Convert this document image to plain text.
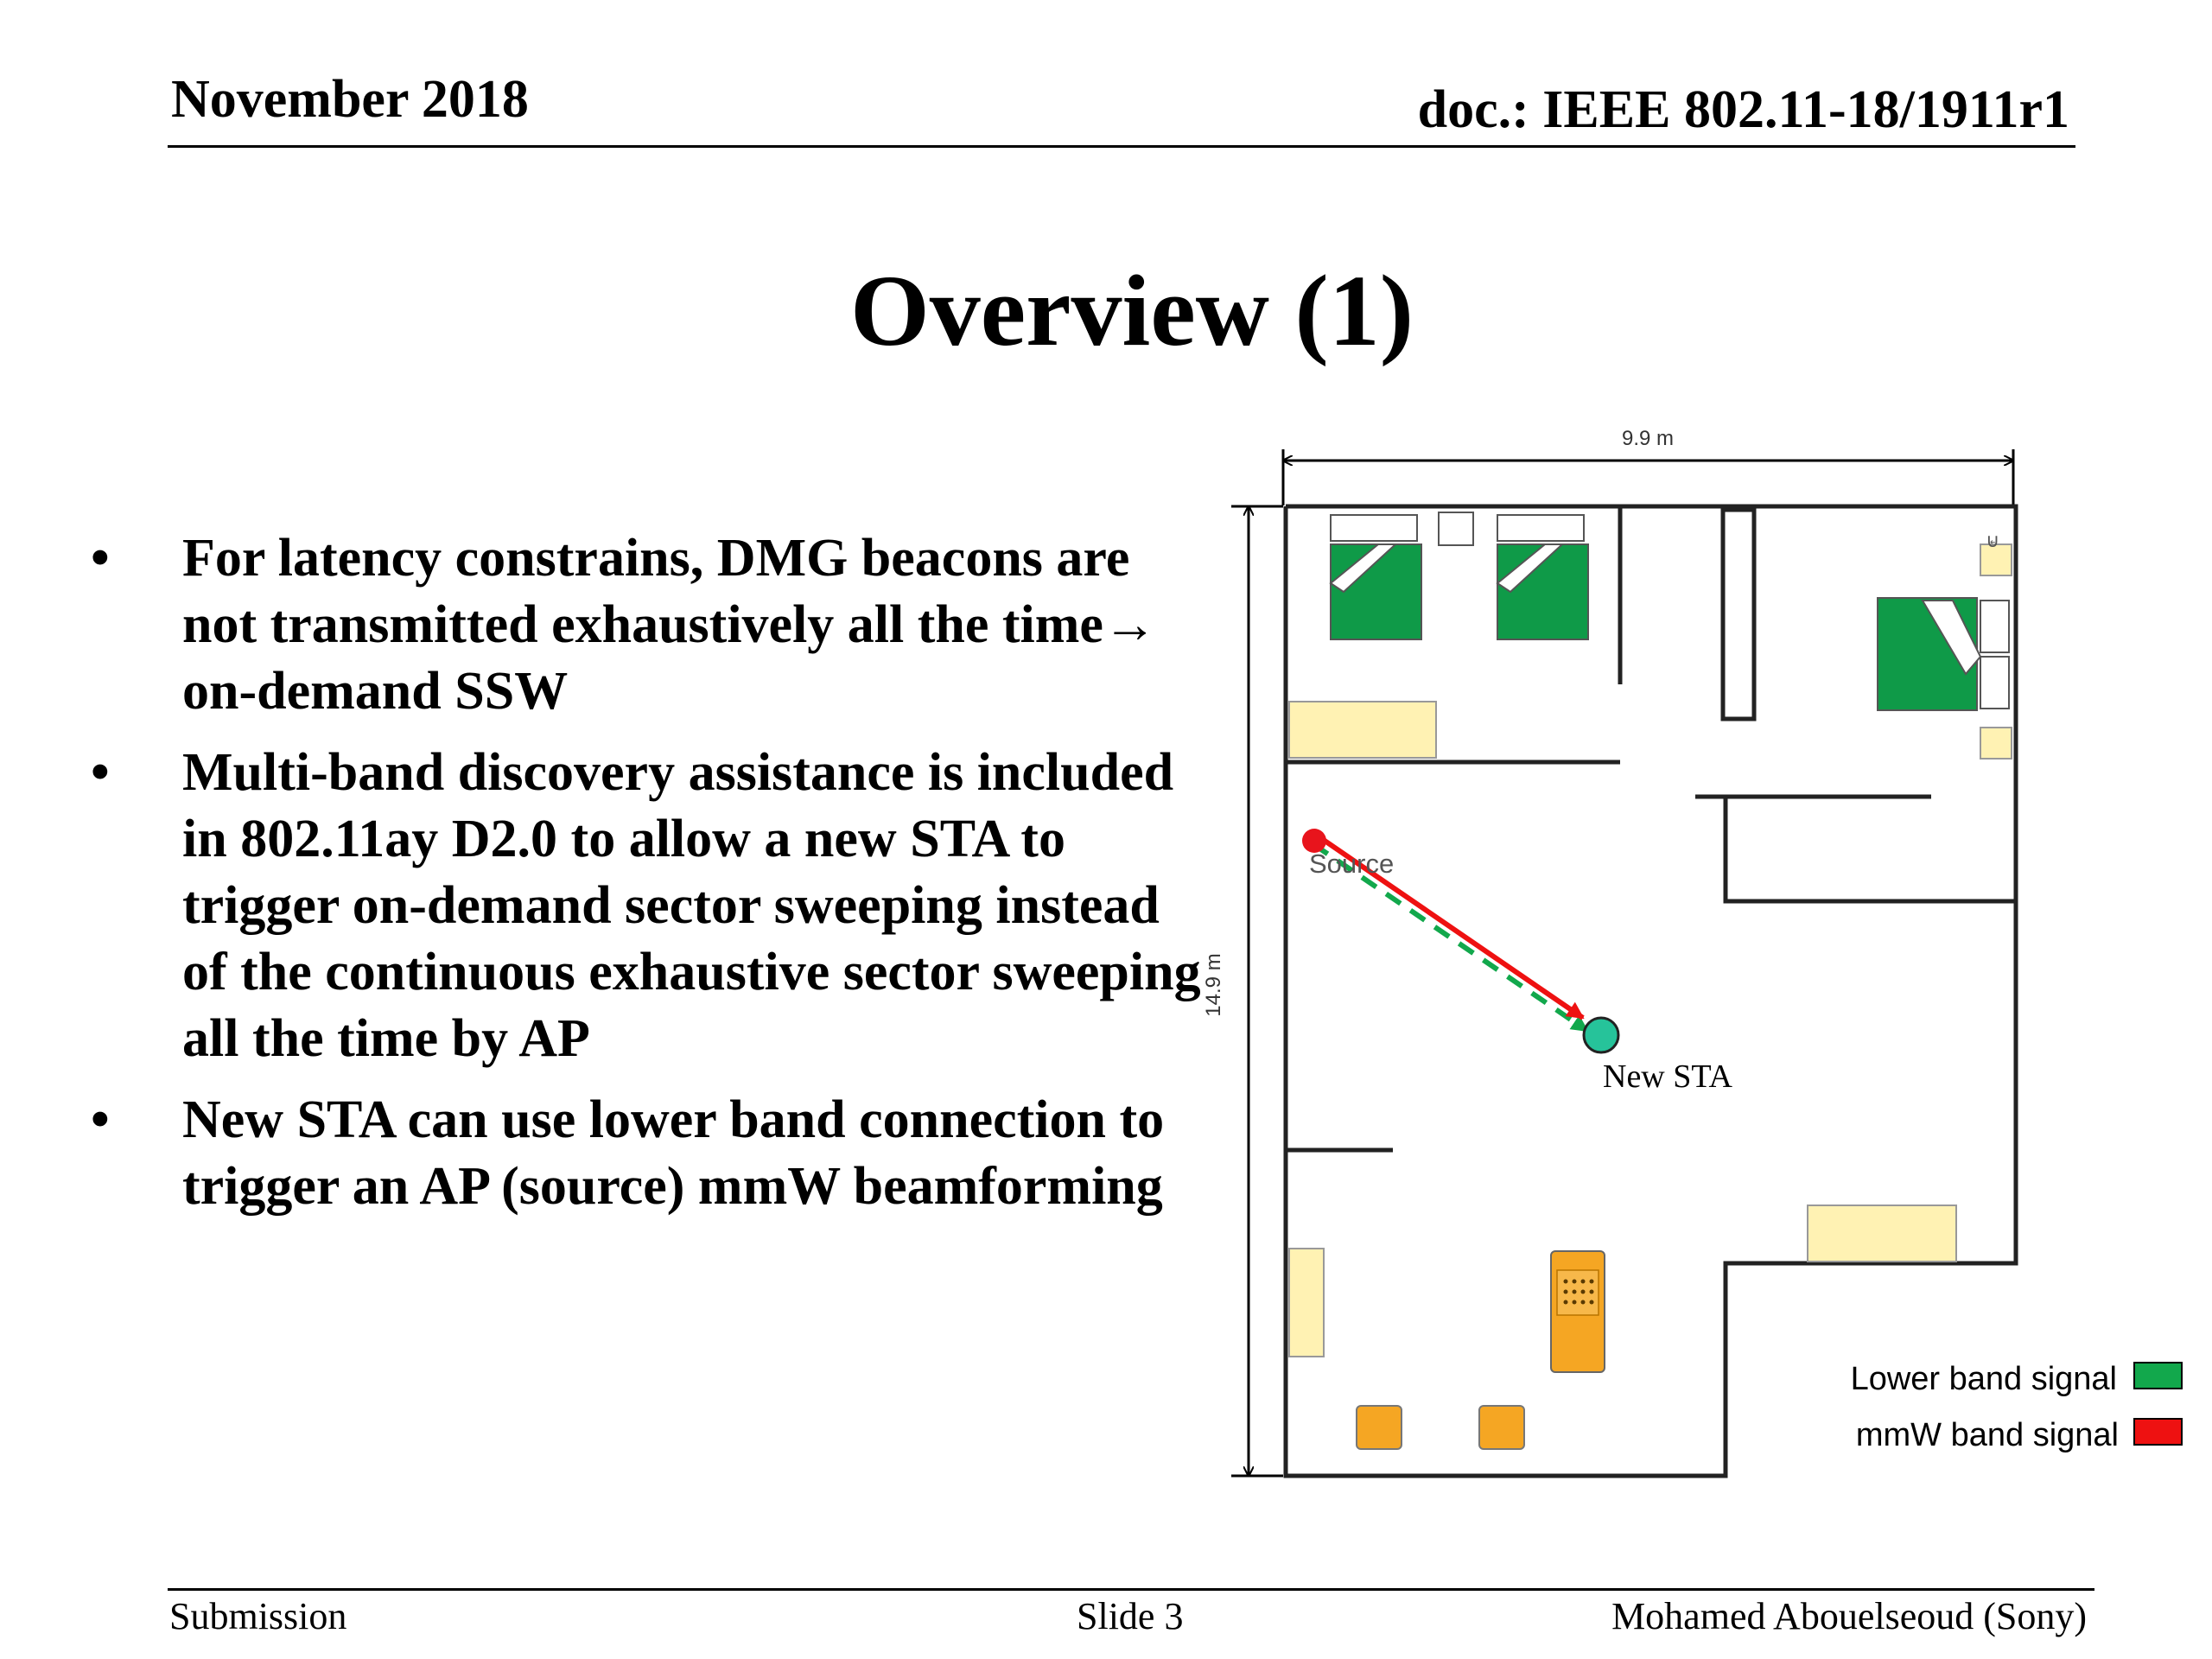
November 2018	doc.: IEEE 802.11-18/1911r1
Overview (1)
• For latency constrains, DMG beacons are not transmitted exhaustively all the time→ on-demand SSW
• Multi-band discovery assistance is included in 802.11ay D2.0 to allow a new STA to trigger on-demand sector sweeping instead of the continuous exhaustive sector sweeping all the time by AP
• New STA can use lower band connection to trigger an AP (source) mmW beamforming
9.9 m
14.9 m
⊌
Source
New STA
Lower band signal
mmW band signal
Submission	Slide 3	Mohamed Abouelseoud (Sony)
